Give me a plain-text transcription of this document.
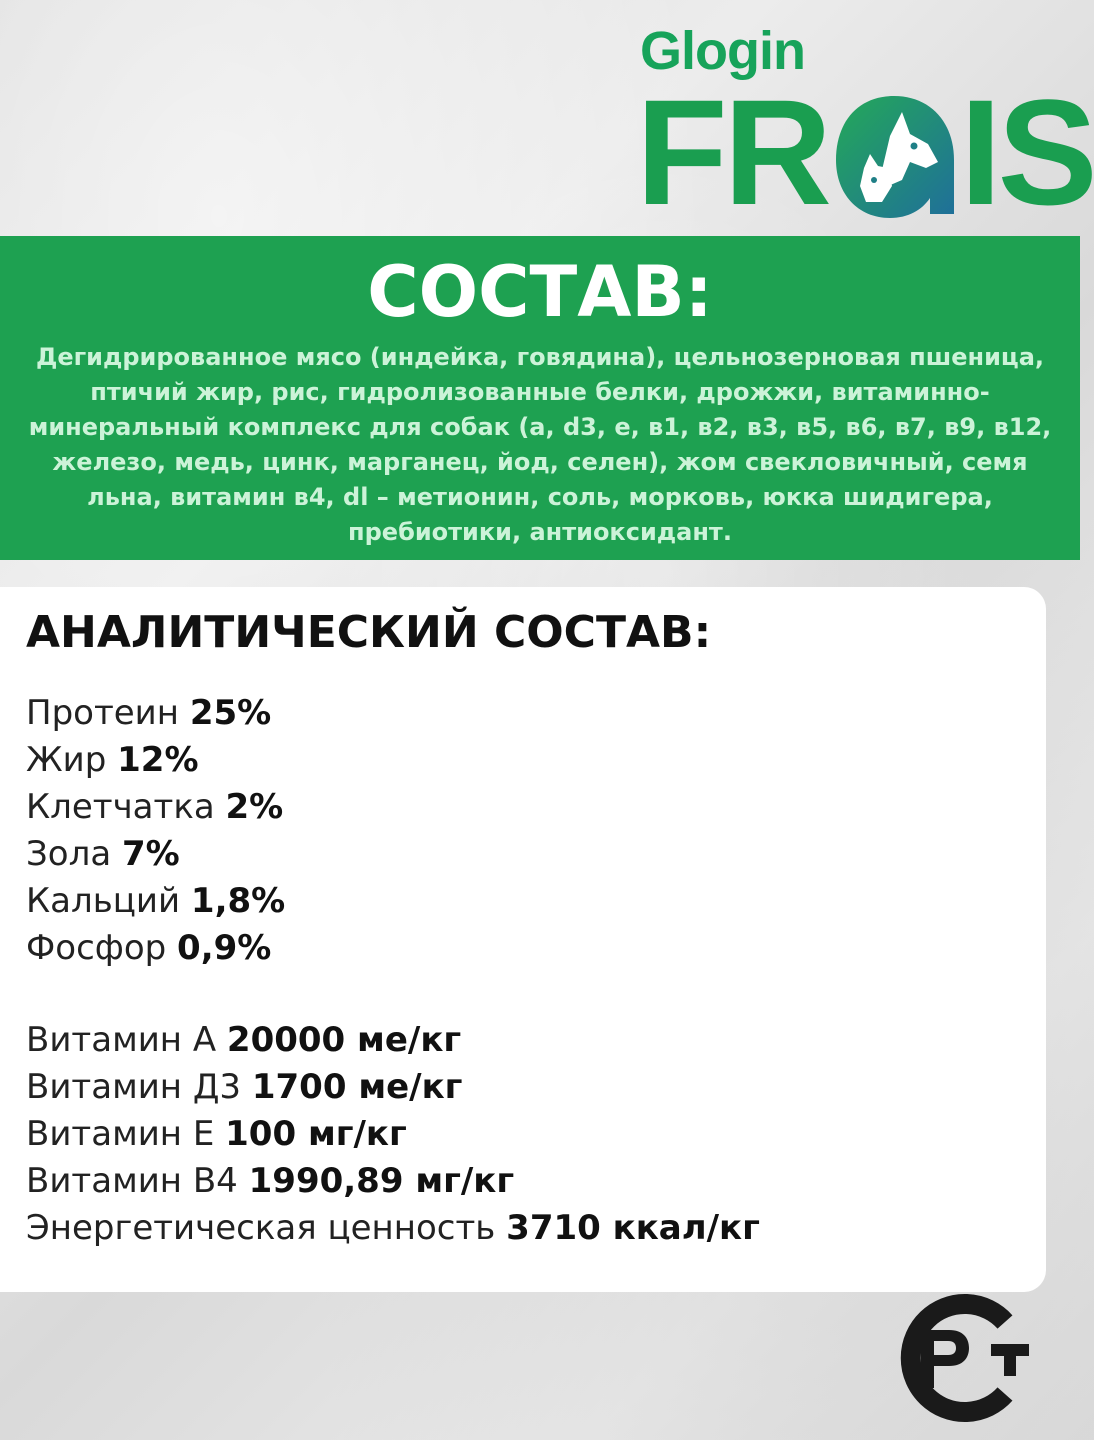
Glogin
FR IS
СОСТАВ:
Дегидрированное мясо (индейка, говядина), цельнозерновая пшеница, птичий жир, рис, гидролизованные белки, дрожжи, витаминно-минеральный комплекс для собак (а, d3, е, в1, в2, в3, в5, в6, в7, в9, в12, железо, медь, цинк, марганец, йод, селен), жом свекловичный, семя льна, витамин в4, dl – метионин, соль, морковь, юкка шидигера, пребиотики, антиоксидант.
АНАЛИТИЧЕСКИЙ СОСТАВ:
Протеин 25%
Жир 12%
Клетчатка 2%
Зола 7%
Кальций 1,8%
Фосфор 0,9%
Витамин А 20000 ме/кг
Витамин Д3 1700 ме/кг
Витамин Е 100 мг/кг
Витамин В4 1990,89 мг/кг
Энергетическая ценность 3710 ккал/кг
